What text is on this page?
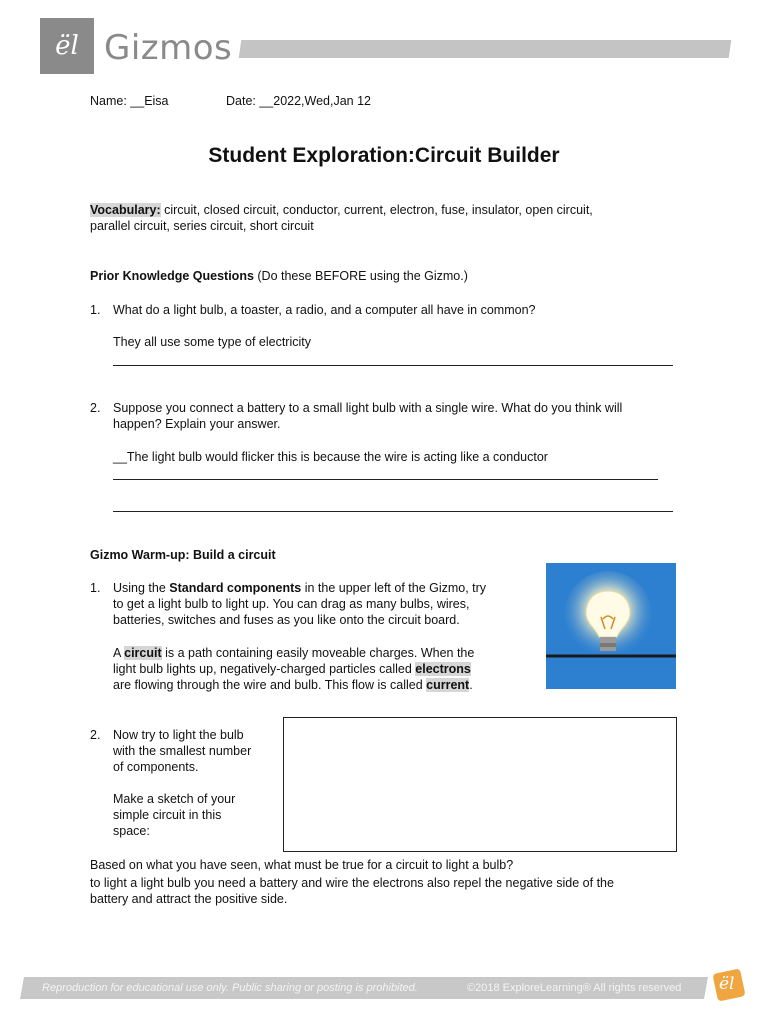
ël Gizmos
Name: __Eisa	Date: __2022,Wed,Jan 12
Student Exploration:Circuit Builder
Vocabulary: circuit, closed circuit, conductor, current, electron, fuse, insulator, open circuit,
parallel circuit, series circuit, short circuit
Prior Knowledge Questions (Do these BEFORE using the Gizmo.)
1.	What do a light bulb, a toaster, a radio, and a computer all have in common?
They all use some type of electricity
2.	Suppose you connect a battery to a small light bulb with a single wire. What do you think will
happen? Explain your answer.
__The light bulb would flicker this is because the wire is acting like a conductor
Gizmo Warm-up: Build a circuit
1.	Using the Standard components in the upper left of the Gizmo, try
to get a light bulb to light up. You can drag as many bulbs, wires,
batteries, switches and fuses as you like onto the circuit board.
A circuit is a path containing easily moveable charges. When the
light bulb lights up, negatively-charged particles called electrons
are flowing through the wire and bulb. This flow is called current.
2.	Now try to light the bulb
with the smallest number
of components.

Make a sketch of your
simple circuit in this
space:
Based on what you have seen, what must be true for a circuit to light a bulb?
to light a light bulb you need a battery and wire the electrons also repel the negative side of the
battery and attract the positive side.
Reproduction for educational use only. Public sharing or posting is prohibited.	©2018 ExploreLearning® All rights reserved ël
